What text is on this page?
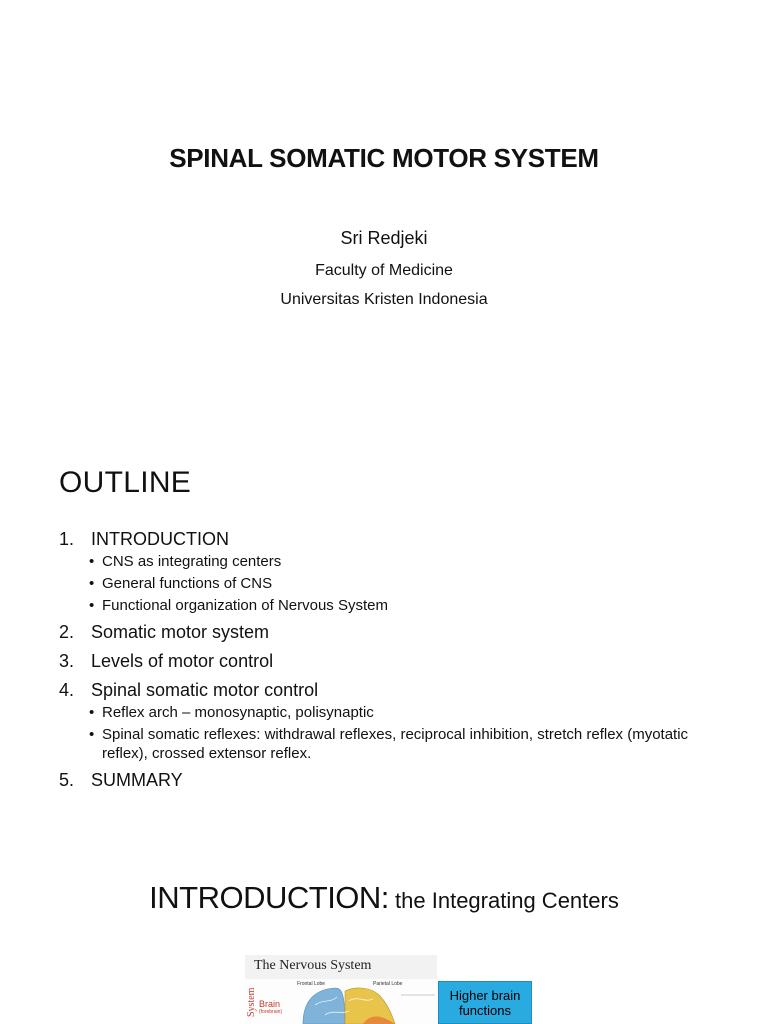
SPINAL SOMATIC MOTOR SYSTEM
Sri Redjeki
Faculty of Medicine
Universitas Kristen Indonesia
OUTLINE
1. INTRODUCTION
• CNS as integrating centers
• General functions of CNS
• Functional organization of Nervous System
2. Somatic motor system
3. Levels of motor control
4. Spinal somatic motor control
• Reflex arch – monosynaptic, polisynaptic
• Spinal somatic reflexes: withdrawal reflexes, reciprocal inhibition, stretch reflex (myotatic reflex), crossed extensor reflex.
5. SUMMARY
INTRODUCTION: the Integrating Centers
The Nervous System
System Brain
(forebrain)
Frontal Lobe	Parietal Lobe
Higher brain
functions
